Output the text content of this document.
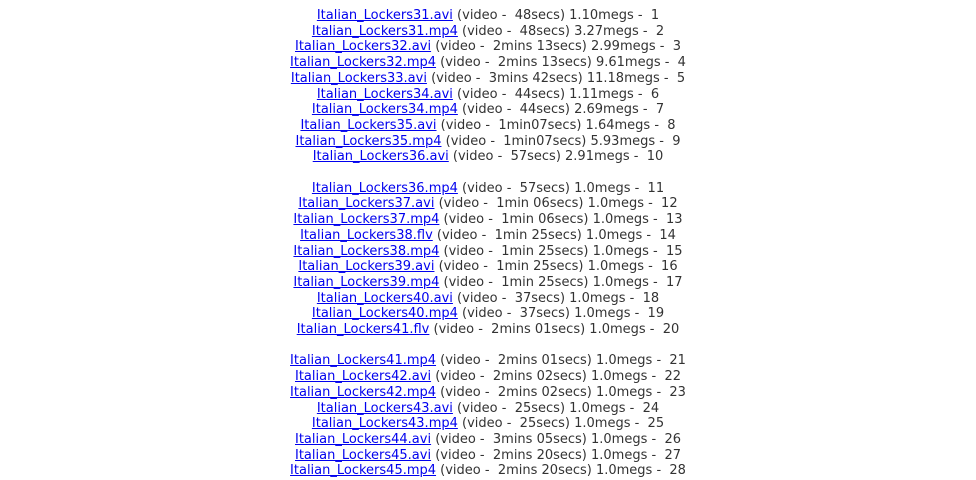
Italian_Lockers31.avi (video -  48secs) 1.10megs -  1
Italian_Lockers31.mp4 (video -  48secs) 3.27megs -  2
Italian_Lockers32.avi (video -  2mins 13secs) 2.99megs -  3
Italian_Lockers32.mp4 (video -  2mins 13secs) 9.61megs -  4
Italian_Lockers33.avi (video -  3mins 42secs) 11.18megs -  5
Italian_Lockers34.avi (video -  44secs) 1.11megs -  6
Italian_Lockers34.mp4 (video -  44secs) 2.69megs -  7
Italian_Lockers35.avi (video -  1min07secs) 1.64megs -  8
Italian_Lockers35.mp4 (video -  1min07secs) 5.93megs -  9
Italian_Lockers36.avi (video -  57secs) 2.91megs -  10
Italian_Lockers36.mp4 (video -  57secs) 1.0megs -  11
Italian_Lockers37.avi (video -  1min 06secs) 1.0megs -  12
Italian_Lockers37.mp4 (video -  1min 06secs) 1.0megs -  13
Italian_Lockers38.flv (video -  1min 25secs) 1.0megs -  14
Italian_Lockers38.mp4 (video -  1min 25secs) 1.0megs -  15
Italian_Lockers39.avi (video -  1min 25secs) 1.0megs -  16
Italian_Lockers39.mp4 (video -  1min 25secs) 1.0megs -  17
Italian_Lockers40.avi (video -  37secs) 1.0megs -  18
Italian_Lockers40.mp4 (video -  37secs) 1.0megs -  19
Italian_Lockers41.flv (video -  2mins 01secs) 1.0megs -  20
Italian_Lockers41.mp4 (video -  2mins 01secs) 1.0megs -  21
Italian_Lockers42.avi (video -  2mins 02secs) 1.0megs -  22
Italian_Lockers42.mp4 (video -  2mins 02secs) 1.0megs -  23
Italian_Lockers43.avi (video -  25secs) 1.0megs -  24
Italian_Lockers43.mp4 (video -  25secs) 1.0megs -  25
Italian_Lockers44.avi (video -  3mins 05secs) 1.0megs -  26
Italian_Lockers45.avi (video -  2mins 20secs) 1.0megs -  27
Italian_Lockers45.mp4 (video -  2mins 20secs) 1.0megs -  28
